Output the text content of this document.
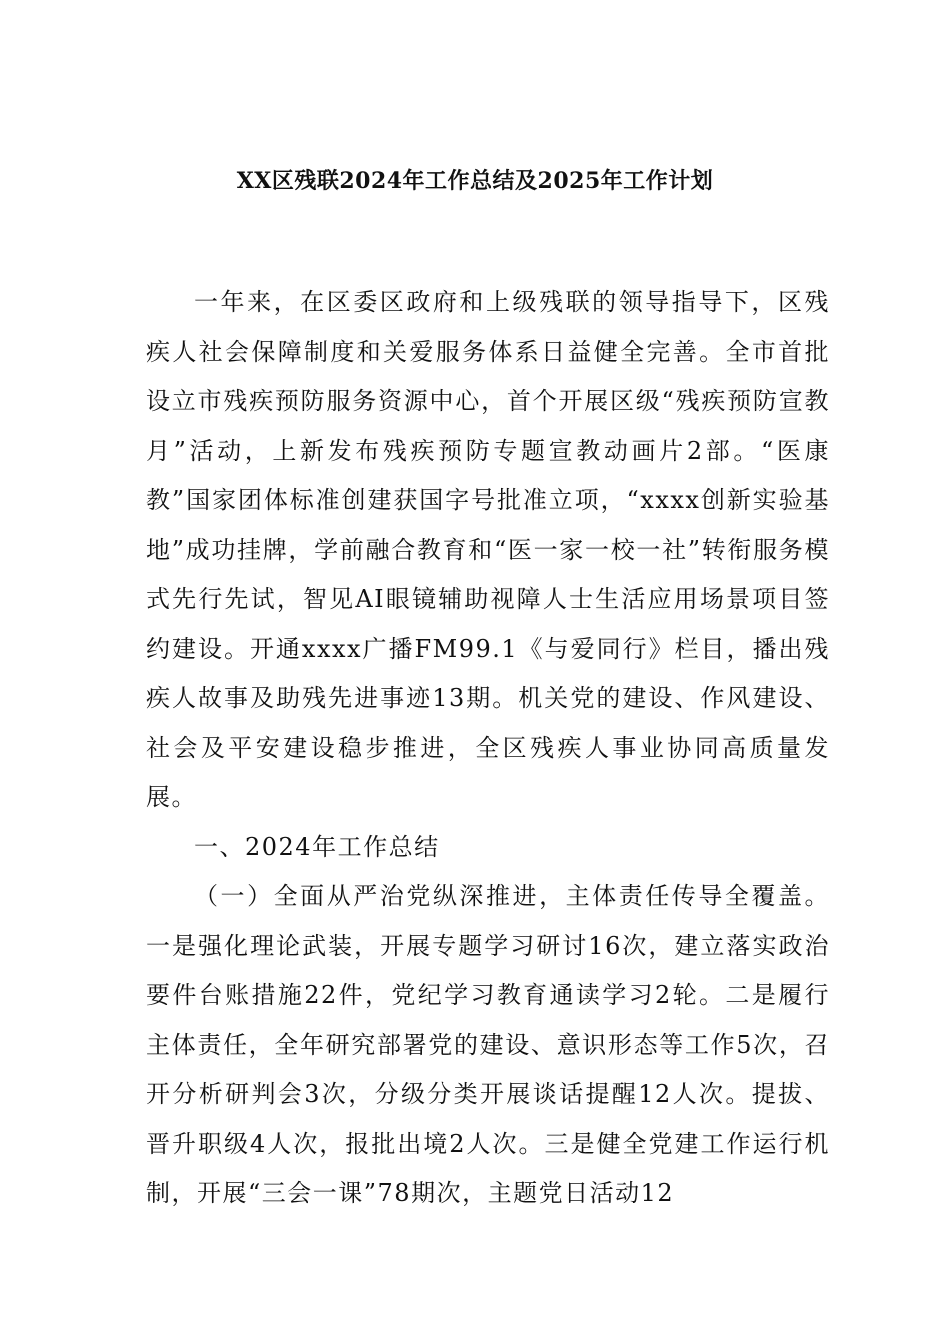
XX区残联2024年工作总结及2025年工作计划

一年来，在区委区政府和上级残联的领导指导下，区残疾人社会保障制度和关爱服务体系日益健全完善。全市首批设立市残疾预防服务资源中心，首个开展区级“残疾预防宣教月”活动，上新发布残疾预防专题宣教动画片2部。“医康教”国家团体标准创建获国字号批准立项，“xxxx创新实验基地”成功挂牌，学前融合教育和“医一家一校一社”转衔服务模式先行先试，智见AI眼镜辅助视障人士生活应用场景项目签约建设。开通xxxx广播FM99.1《与爱同行》栏目，播出残疾人故事及助残先进事迹13期。机关党的建设、作风建设、社会及平安建设稳步推进，全区残疾人事业协同高质量发展。

一、2024年工作总结

（一）全面从严治党纵深推进，主体责任传导全覆盖。一是强化理论武装，开展专题学习研讨16次，建立落实政治要件台账措施22件，党纪学习教育通读学习2轮。二是履行主体责任，全年研究部署党的建设、意识形态等工作5次，召开分析研判会3次，分级分类开展谈话提醒12人次。提拔、晋升职级4人次，报批出境2人次。三是健全党建工作运行机制，开展“三会一课”78期次，主题党日活动12
